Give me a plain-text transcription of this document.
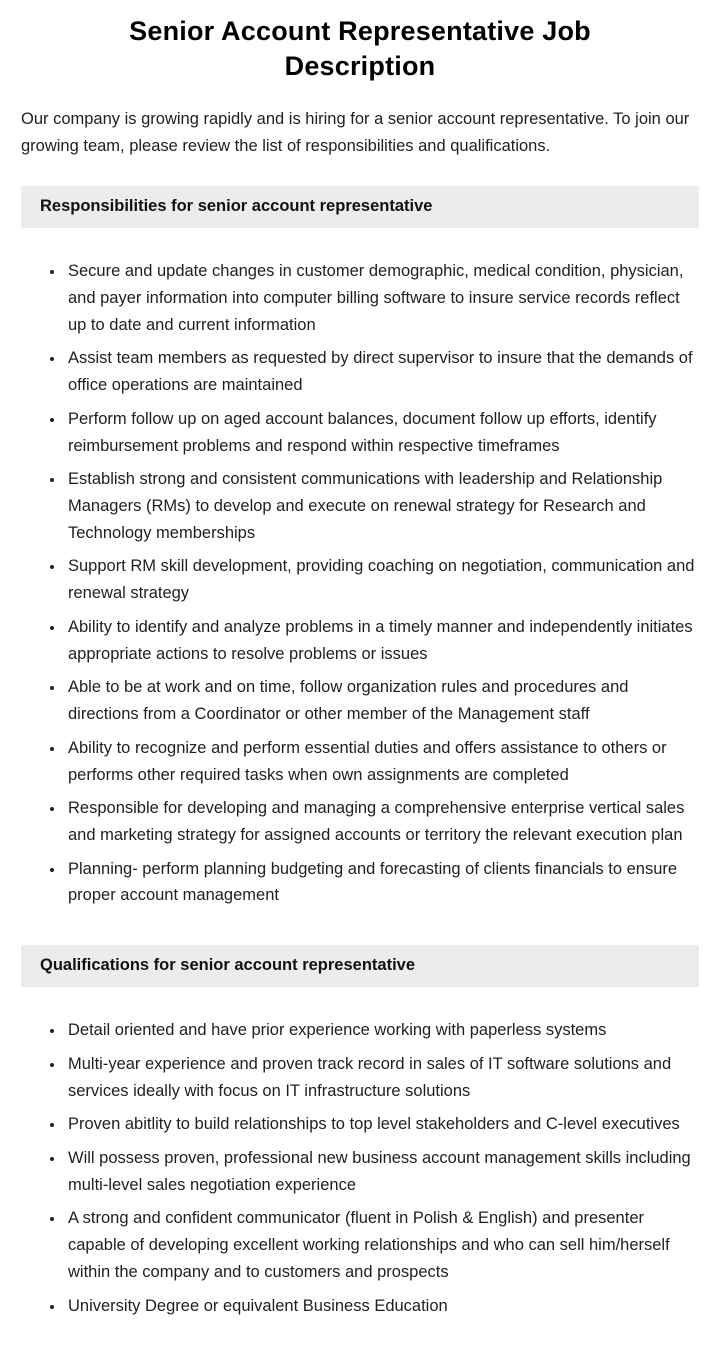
Senior Account Representative Job Description

Our company is growing rapidly and is hiring for a senior account representative. To join our growing team, please review the list of responsibilities and qualifications.

Responsibilities for senior account representative
• Secure and update changes in customer demographic, medical condition, physician, and payer information into computer billing software to insure service records reflect up to date and current information
• Assist team members as requested by direct supervisor to insure that the demands of office operations are maintained
• Perform follow up on aged account balances, document follow up efforts, identify reimbursement problems and respond within respective timeframes
• Establish strong and consistent communications with leadership and Relationship Managers (RMs) to develop and execute on renewal strategy for Research and Technology memberships
• Support RM skill development, providing coaching on negotiation, communication and renewal strategy
• Ability to identify and analyze problems in a timely manner and independently initiates appropriate actions to resolve problems or issues
• Able to be at work and on time, follow organization rules and procedures and directions from a Coordinator or other member of the Management staff
• Ability to recognize and perform essential duties and offers assistance to others or performs other required tasks when own assignments are completed
• Responsible for developing and managing a comprehensive enterprise vertical sales and marketing strategy for assigned accounts or territory the relevant execution plan
• Planning- perform planning budgeting and forecasting of clients financials to ensure proper account management
Qualifications for senior account representative
• Detail oriented and have prior experience working with paperless systems
• Multi-year experience and proven track record in sales of IT software solutions and services ideally with focus on IT infrastructure solutions
• Proven abitlity to build relationships to top level stakeholders and C-level executives
• Will possess proven, professional new business account management skills including multi-level sales negotiation experience
• A strong and confident communicator (fluent in Polish & English) and presenter capable of developing excellent working relationships and who can sell him/herself within the company and to customers and prospects
• University Degree or equivalent Business Education
